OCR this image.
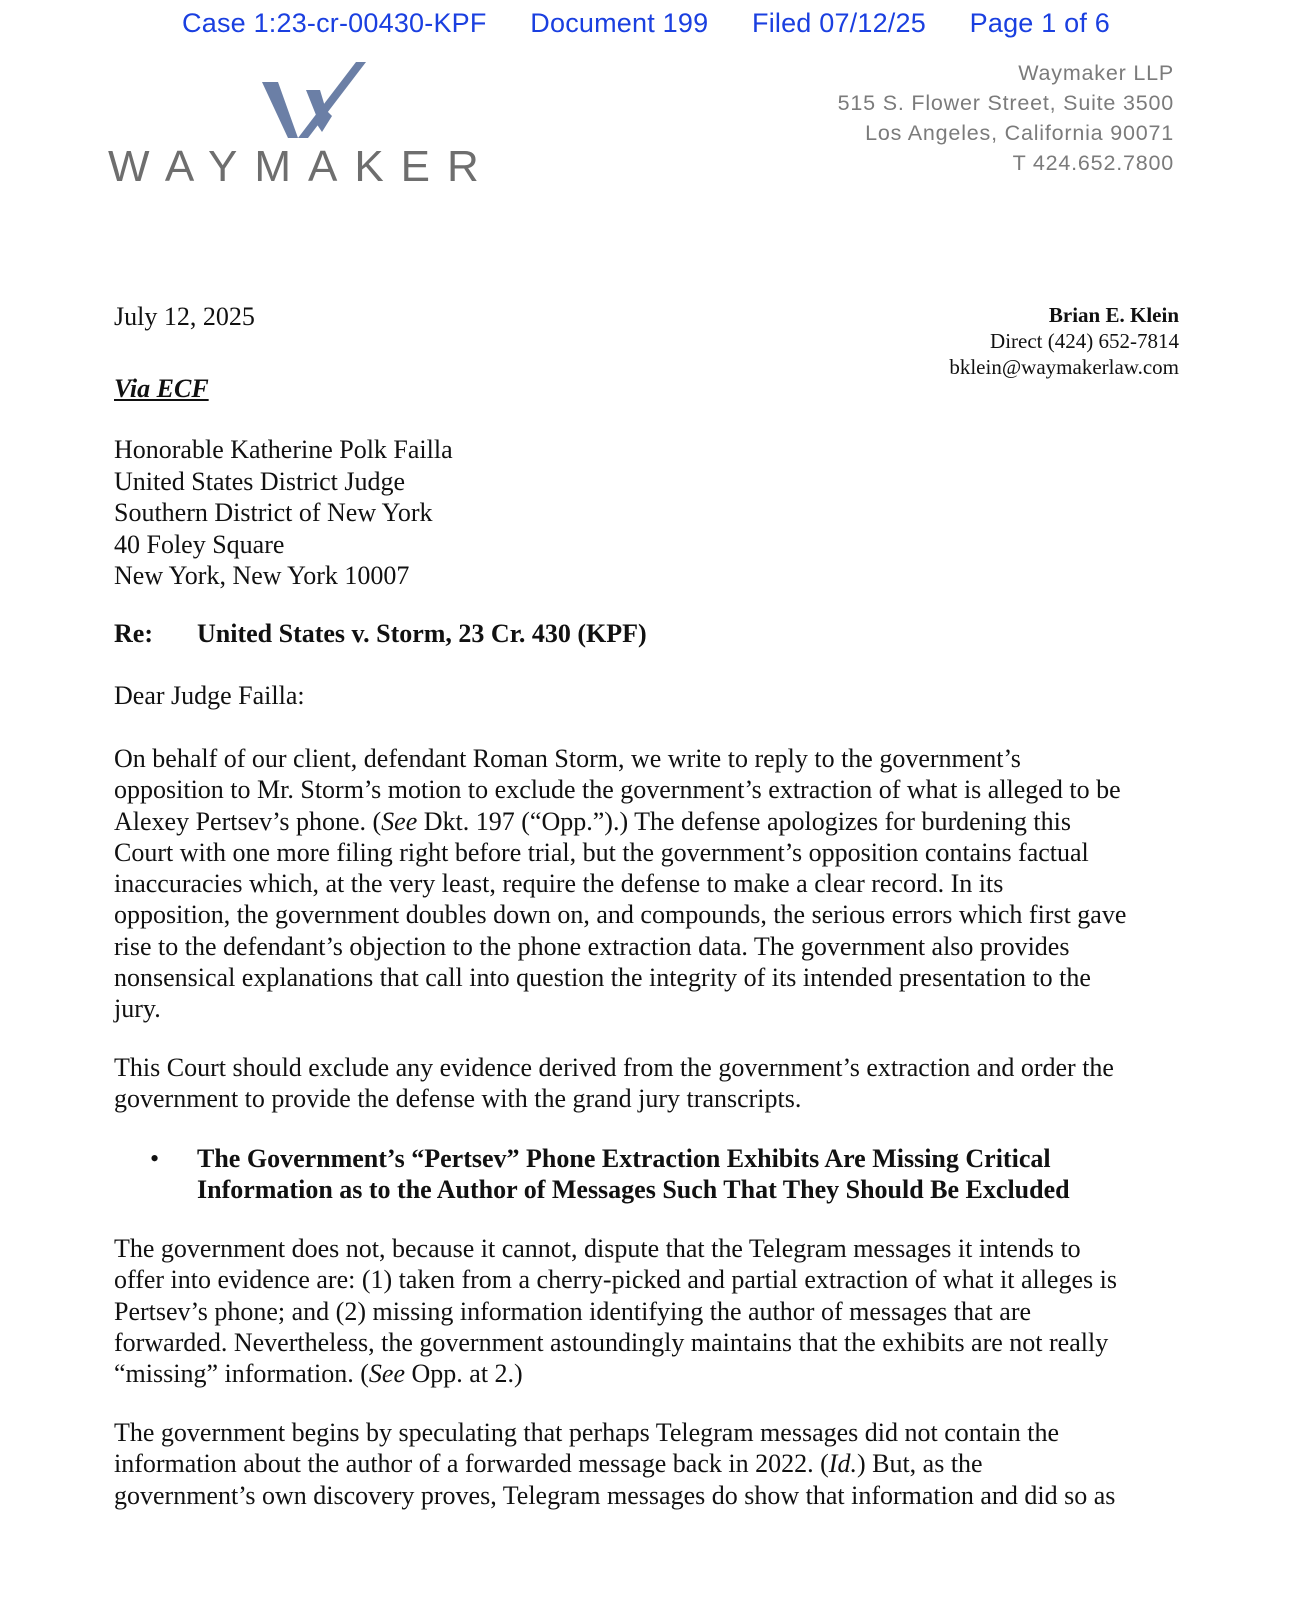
Case 1:23-cr-00430-KPF Document 199 Filed 07/12/25 Page 1 of 6
WAYMAKER
Waymaker LLP
515 S. Flower Street, Suite 3500
Los Angeles, California 90071
T 424.652.7800
July 12, 2025	Brian E. Klein
Direct (424) 652-7814
bklein@waymakerlaw.com
Via ECF
Honorable Katherine Polk Failla
United States District Judge
Southern District of New York
40 Foley Square
New York, New York 10007
Re: United States v. Storm, 23 Cr. 430 (KPF)
Dear Judge Failla:

On behalf of our client, defendant Roman Storm, we write to reply to the government’s
opposition to Mr. Storm’s motion to exclude the government’s extraction of what is alleged to be
Alexey Pertsev’s phone. (See Dkt. 197 (“Opp.”).) The defense apologizes for burdening this
Court with one more filing right before trial, but the government’s opposition contains factual
inaccuracies which, at the very least, require the defense to make a clear record. In its
opposition, the government doubles down on, and compounds, the serious errors which first gave
rise to the defendant’s objection to the phone extraction data. The government also provides
nonsensical explanations that call into question the integrity of its intended presentation to the
jury.

This Court should exclude any evidence derived from the government’s extraction and order the
government to provide the defense with the grand jury transcripts.

• The Government’s “Pertsev” Phone Extraction Exhibits Are Missing Critical
Information as to the Author of Messages Such That They Should Be Excluded

The government does not, because it cannot, dispute that the Telegram messages it intends to
offer into evidence are: (1) taken from a cherry-picked and partial extraction of what it alleges is
Pertsev’s phone; and (2) missing information identifying the author of messages that are
forwarded. Nevertheless, the government astoundingly maintains that the exhibits are not really
“missing” information. (See Opp. at 2.)

The government begins by speculating that perhaps Telegram messages did not contain the
information about the author of a forwarded message back in 2022. (Id.) But, as the
government’s own discovery proves, Telegram messages do show that information and did so as
